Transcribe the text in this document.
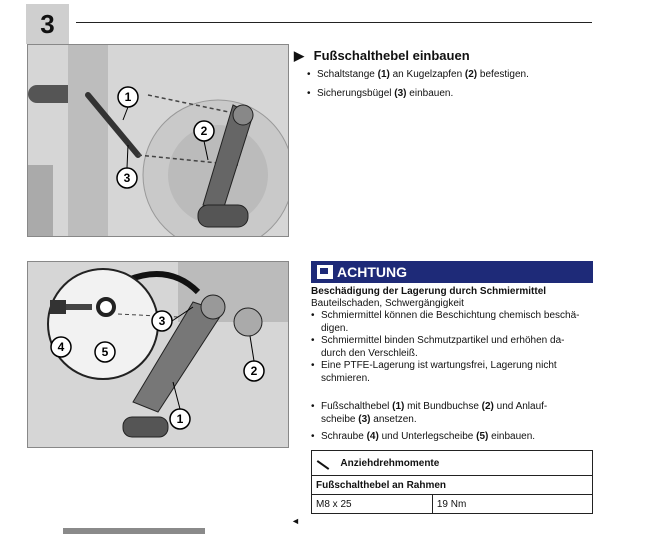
3
1
2
3
▶ Fußschalthebel einbauen
• Schaltstange (1) an Kugelzapfen (2) befestigen.
• Sicherungsbügel (3) einbauen.
3
4	5
2
1
ACHTUNG
Beschädigung der Lagerung durch Schmiermittel
Bauteilschaden, Schwergängigkeit
• Schmiermittel können die Beschichtung chemisch beschä-
digen.
• Schmiermittel binden Schmutzpartikel und erhöhen da-
durch den Verschleiß.
• Eine PTFE-Lagerung ist wartungsfrei, Lagerung nicht
schmieren.
• Fußschalthebel (1) mit Bundbuchse (2) und Anlauf-
scheibe (3) ansetzen.
• Schraube (4) und Unterlegscheibe (5) einbauen.
Anziehdrehmomente
Fußschalthebel an Rahmen
M8 x 25	19 Nm
◄
